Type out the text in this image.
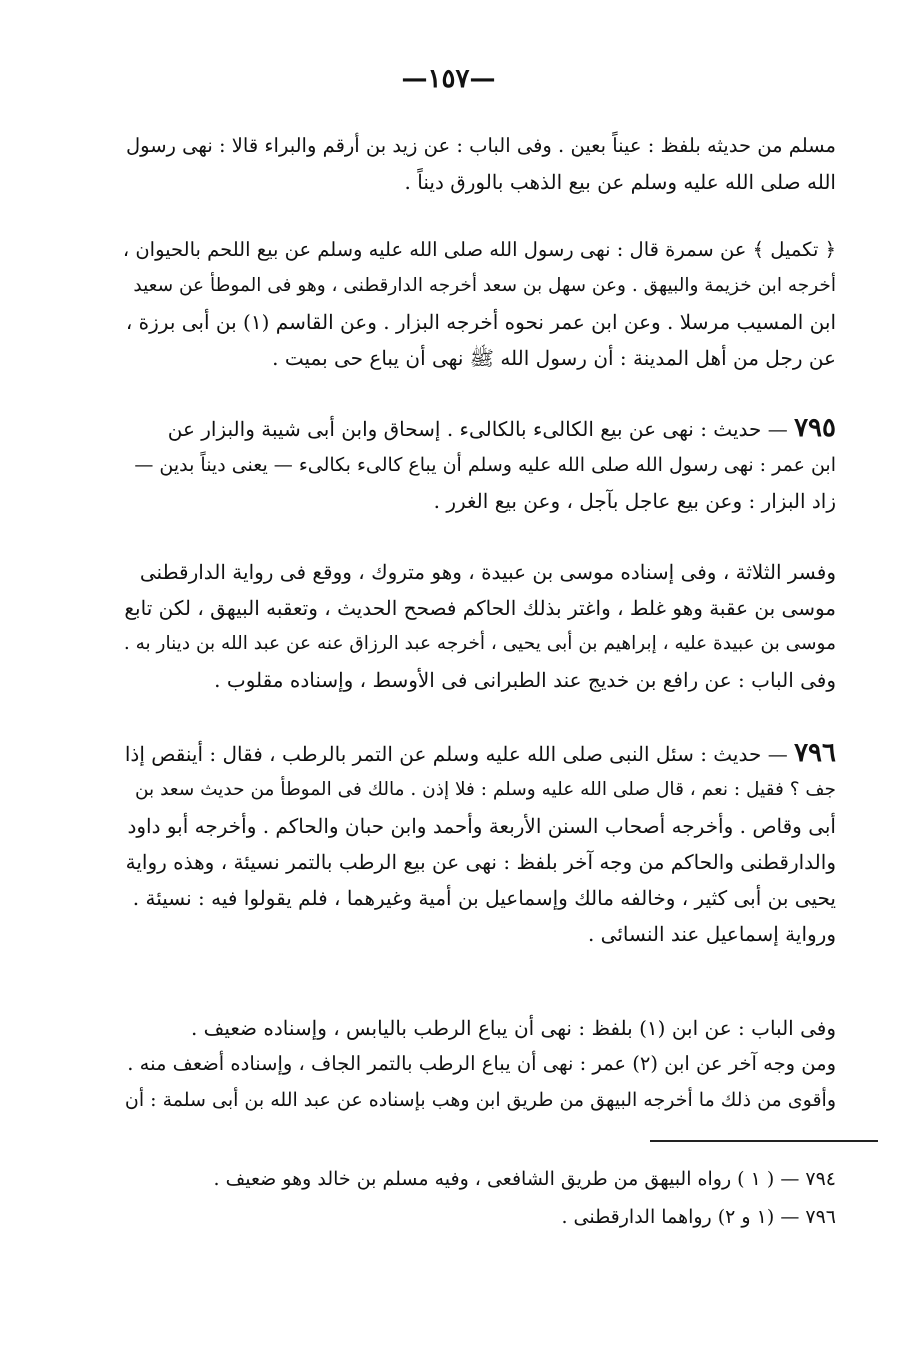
—١٥٧—
مسلم من حديثه بلفظ : عيناً بعين . وفى الباب : عن زيد بن أرقم والبراء قالا : نهى رسول
الله صلى الله عليه وسلم عن بيع الذهب بالورق ديناً .
﴿ تكميل ﴾ عن سمرة قال : نهى رسول الله صلى الله عليه وسلم عن بيع اللحم بالحيوان ،
أخرجه ابن خزيمة والبيهق . وعن سهل بن سعد أخرجه الدارقطنى ، وهو فى الموطأ عن سعيد
ابن المسيب مرسلا . وعن ابن عمر نحوه أخرجه البزار . وعن القاسم (١) بن أبى برزة ،
عن رجل من أهل المدينة : أن رسول الله ﷺ نهى أن يباع حى بميت .
٧٩٥ — حديث : نهى عن بيع الكالىء بالكالىء . إسحاق وابن أبى شيبة والبزار عن
ابن عمر : نهى رسول الله صلى الله عليه وسلم أن يباع كالىء بكالىء — يعنى ديناً بدين —
زاد البزار : وعن بيع عاجل بآجل ، وعن بيع الغرر .
وفسر الثلاثة ، وفى إسناده موسى بن عبيدة ، وهو متروك ، ووقع فى رواية الدارقطنى
موسى بن عقبة وهو غلط ، واغتر بذلك الحاكم فصحح الحديث ، وتعقبه البيهق ، لكن تابع
موسى بن عبيدة عليه ، إبراهيم بن أبى يحيى ، أخرجه عبد الرزاق عنه عن عبد الله بن دينار به .
وفى الباب : عن رافع بن خديج عند الطبرانى فى الأوسط ، وإسناده مقلوب .
٧٩٦ — حديث : سئل النبى صلى الله عليه وسلم عن التمر بالرطب ، فقال : أينقص إذا
جف ؟ فقيل : نعم ، قال صلى الله عليه وسلم : فلا إذن . مالك فى الموطأ من حديث سعد بن
أبى وقاص . وأخرجه أصحاب السنن الأربعة وأحمد وابن حبان والحاكم . وأخرجه أبو داود
والدارقطنى والحاكم من وجه آخر بلفظ : نهى عن بيع الرطب بالتمر نسيئة ، وهذه رواية
يحيى بن أبى كثير ، وخالفه مالك وإسماعيل بن أمية وغيرهما ، فلم يقولوا فيه : نسيئة .
ورواية إسماعيل عند النسائى .
وفى الباب : عن ابن (١) بلفظ : نهى أن يباع الرطب باليابس ، وإسناده ضعيف .
ومن وجه آخر عن ابن (٢) عمر : نهى أن يباع الرطب بالتمر الجاف ، وإسناده أضعف منه .
وأقوى من ذلك ما أخرجه البيهق من طريق ابن وهب بإسناده عن عبد الله بن أبى سلمة : أن
٧٩٤ — ( ١ ) رواه البيهق من طريق الشافعى ، وفيه مسلم بن خالد وهو ضعيف .
٧٩٦ — (١ و ٢) رواهما الدارقطنى .
